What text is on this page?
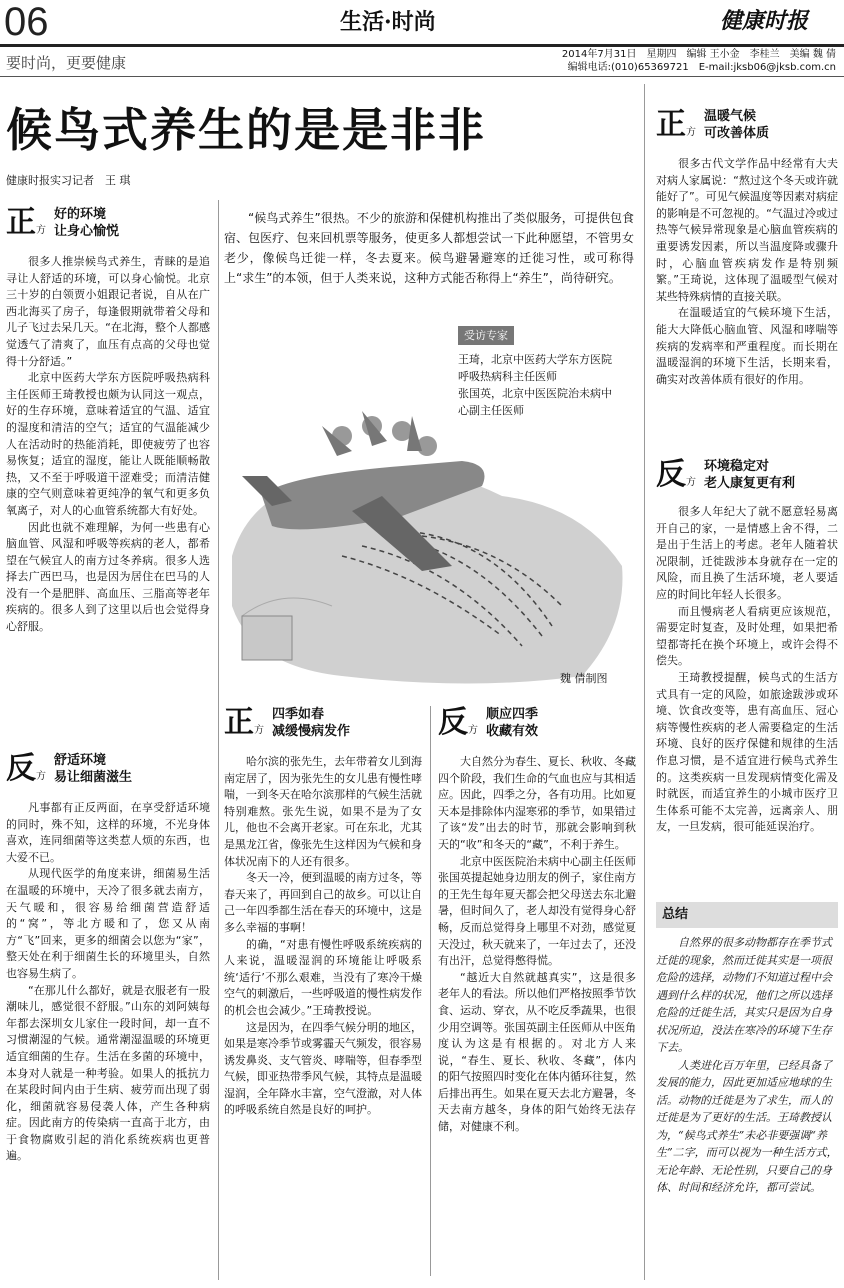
06	生活·时尚	健康时报
要时尚，更要健康	2014年7月31日　星期四　编辑 王小金　李桂兰　美编 魏 倩
编辑电话:(010)65369721　E-mail:jksb06@jksb.com.cn
候鸟式养生的是是非非
健康时报实习记者　王 琪
“候鸟式养生”很热。不少的旅游和保健机构推出了类似服务，可提供包食宿、包医疗、包来回机票等服务，使更多人都想尝试一下此种愿望，不管男女老少，像候鸟迁徙一样，冬去夏来。候鸟避暑避寒的迁徙习性，或可称得上“求生”的本领，但于人类来说，这种方式能否称得上“养生”，尚待研究。
受访专家
王琦，北京中医药大学东方医院呼吸热病科主任医师
张国英，北京中医医院治未病中心副主任医师
魏 倩制图
正 方
好的环境
让身心愉悦

很多人推崇候鸟式养生，青睐的是追寻让人舒适的环境，可以身心愉悦。北京三十岁的白领贾小姐跟记者说，自从在广西北海买了房子，每逢假期就带着父母和儿子飞过去呆几天。“在北海，整个人都感觉透气了清爽了，血压有点高的父母也觉得十分舒适。”

北京中医药大学东方医院呼吸热病科主任医师王琦教授也颇为认同这一观点，好的生存环境，意味着适宜的气温、适宜的湿度和清洁的空气；适宜的气温能减少人在活动时的热能消耗，即使疲劳了也容易恢复；适宜的湿度，能让人既能顺畅散热，又不至于呼吸道干涩难受；而清洁健康的空气则意味着更纯净的氧气和更多负氧离子，对人的心血管系统都大有好处。

因此也就不难理解，为何一些患有心脑血管、风湿和呼吸等疾病的老人，都希望在气候宜人的南方过冬养病。很多人选择去广西巴马，也是因为居住在巴马的人没有一个是肥胖、高血压、三脂高等老年疾病的。很多人到了这里以后也会觉得身心舒服。

反 方
舒适环境
易让细菌滋生

凡事都有正反两面，在享受舒适环境的同时，殊不知，这样的环境，不光身体喜欢，连同细菌等这类惹人烦的东西，也大爱不已。

从现代医学的角度来讲，细菌易生活在温暖的环境中，天冷了很多就去南方，天气暖和，很容易给细菌营造舒适的“窝”，等北方暖和了，您又从南方“飞”回来，更多的细菌会以您为“家”，整天处在利于细菌生长的环境里头，自然也容易生病了。

“在那儿什么都好，就是衣服老有一股潮味儿，感觉很不舒服。”山东的刘阿姨每年都去深圳女儿家住一段时间，却一直不习惯潮湿的气候。通常潮湿温暖的环境更适宜细菌的生存。生活在多菌的环境中，本身对人就是一种考验。如果人的抵抗力在某段时间内由于生病、疲劳而出现了弱化，细菌就容易侵袭人体，产生各种病症。因此南方的传染病一直高于北方，由于食物腐败引起的消化系统疾病也更普遍。

正 方
四季如春
减缓慢病发作

哈尔滨的张先生，去年带着女儿到海南定居了，因为张先生的女儿患有慢性哮喘，一到冬天在哈尔滨那样的气候生活就特别难熬。张先生说，如果不是为了女儿，他也不会离开老家。可在东北，尤其是黑龙江省，像张先生这样因为气候和身体状况南下的人还有很多。

冬天一冷，便到温暖的南方过冬，等春天来了，再回到自己的故乡。可以让自己一年四季都生活在春天的环境中，这是多么幸福的事啊！

的确，“对患有慢性呼吸系统疾病的人来说，温暖湿润的环境能让呼吸系统‘适行’不那么艰难，当没有了寒冷干燥空气的刺激后，一些呼吸道的慢性病发作的机会也会减少。”王琦教授说。

这是因为，在四季气候分明的地区，如果是寒冷季节或雾霾天气频发，很容易诱发鼻炎、支气管炎、哮喘等，但春季型气候，即亚热带季风气候，其特点是温暖湿润，全年降水丰富，空气澄澈，对人体的呼吸系统自然是良好的呵护。

反 方
顺应四季
收藏有效

大自然分为春生、夏长、秋收、冬藏四个阶段，我们生命的气血也应与其相适应。因此，四季之分，各有功用。比如夏天本是排除体内湿寒邪的季节，如果错过了该“发”出去的时节，那就会影响到秋天的“收”和冬天的“藏”，不利于养生。

北京中医医院治未病中心副主任医师张国英提起她身边朋友的例子，家住南方的王先生每年夏天都会把父母送去东北避暑，但时间久了，老人却没有觉得身心舒畅，反而总觉得身上哪里不对劲，感觉夏天没过，秋天就来了，一年过去了，还没有出汗，总觉得憋得慌。

“越近大自然就越真实”，这是很多老年人的看法。所以他们严格按照季节饮食、运动、穿衣，从不吃反季蔬果，也很少用空调等。张国英副主任医师从中医角度认为这是有根据的。对北方人来说，“春生、夏长、秋收、冬藏”，体内的阳气按照四时变化在体内循环往复，然后排出再生。如果在夏天去北方避暑，冬天去南方越冬，身体的阳气始终无法存储，对健康不利。

正 方
温暖气候
可改善体质

很多古代文学作品中经常有大夫对病人家属说：“熬过这个冬天或许就能好了”。可见气候温度等因素对病症的影响是不可忽视的。“气温过冷或过热等气候异常现象是心脑血管疾病的重要诱发因素，所以当温度降或骤升时，心脑血管疾病发作是特别频繁。”王琦说，这体现了温暖型气候对某些特殊病情的直接关联。

在温暖适宜的气候环境下生活，能大大降低心脑血管、风湿和哮喘等疾病的发病率和严重程度。而长期在温暖湿润的环境下生活，长期来看，确实对改善体质有很好的作用。

反 方
环境稳定对
老人康复更有利

很多人年纪大了就不愿意轻易离开自己的家，一是情感上舍不得，二是出于生活上的考虑。老年人随着状况限制，迁徙跋涉本身就存在一定的风险，而且换了生活环境，老人要适应的时间比年轻人长很多。

而且慢病老人看病更应该规范，需要定时复查，及时处理，如果把希望都寄托在换个环境上，或许会得不偿失。

王琦教授提醒，候鸟式的生活方式具有一定的风险，如旅途跋涉或环境、饮食改变等，患有高血压、冠心病等慢性疾病的老人需要稳定的生活环境、良好的医疗保健和规律的生活作息习惯，是不适宜进行候鸟式养生的。这类疾病一旦发现病情变化需及时就医，而适宜养生的小城市医疗卫生体系可能不太完善，远离亲人、朋友，一旦发病，很可能延误治疗。

总结

自然界的很多动物都存在季节式迁徙的现象，然而迁徙其实是一项很危险的选择，动物们不知道过程中会遇到什么样的状况，他们之所以选择危险的迁徙生活，其实只是因为自身状况所迫，没法在寒冷的环境下生存下去。

人类进化百万年里，已经具备了发展的能力，因此更加适应地球的生活。动物的迁徙是为了求生，而人的迁徙是为了更好的生活。王琦教授认为，“候鸟式养生”未必非要强调“养生”二字，而可以视为一种生活方式，无论年龄、无论性别，只要自己的身体、时间和经济允许，都可尝试。
